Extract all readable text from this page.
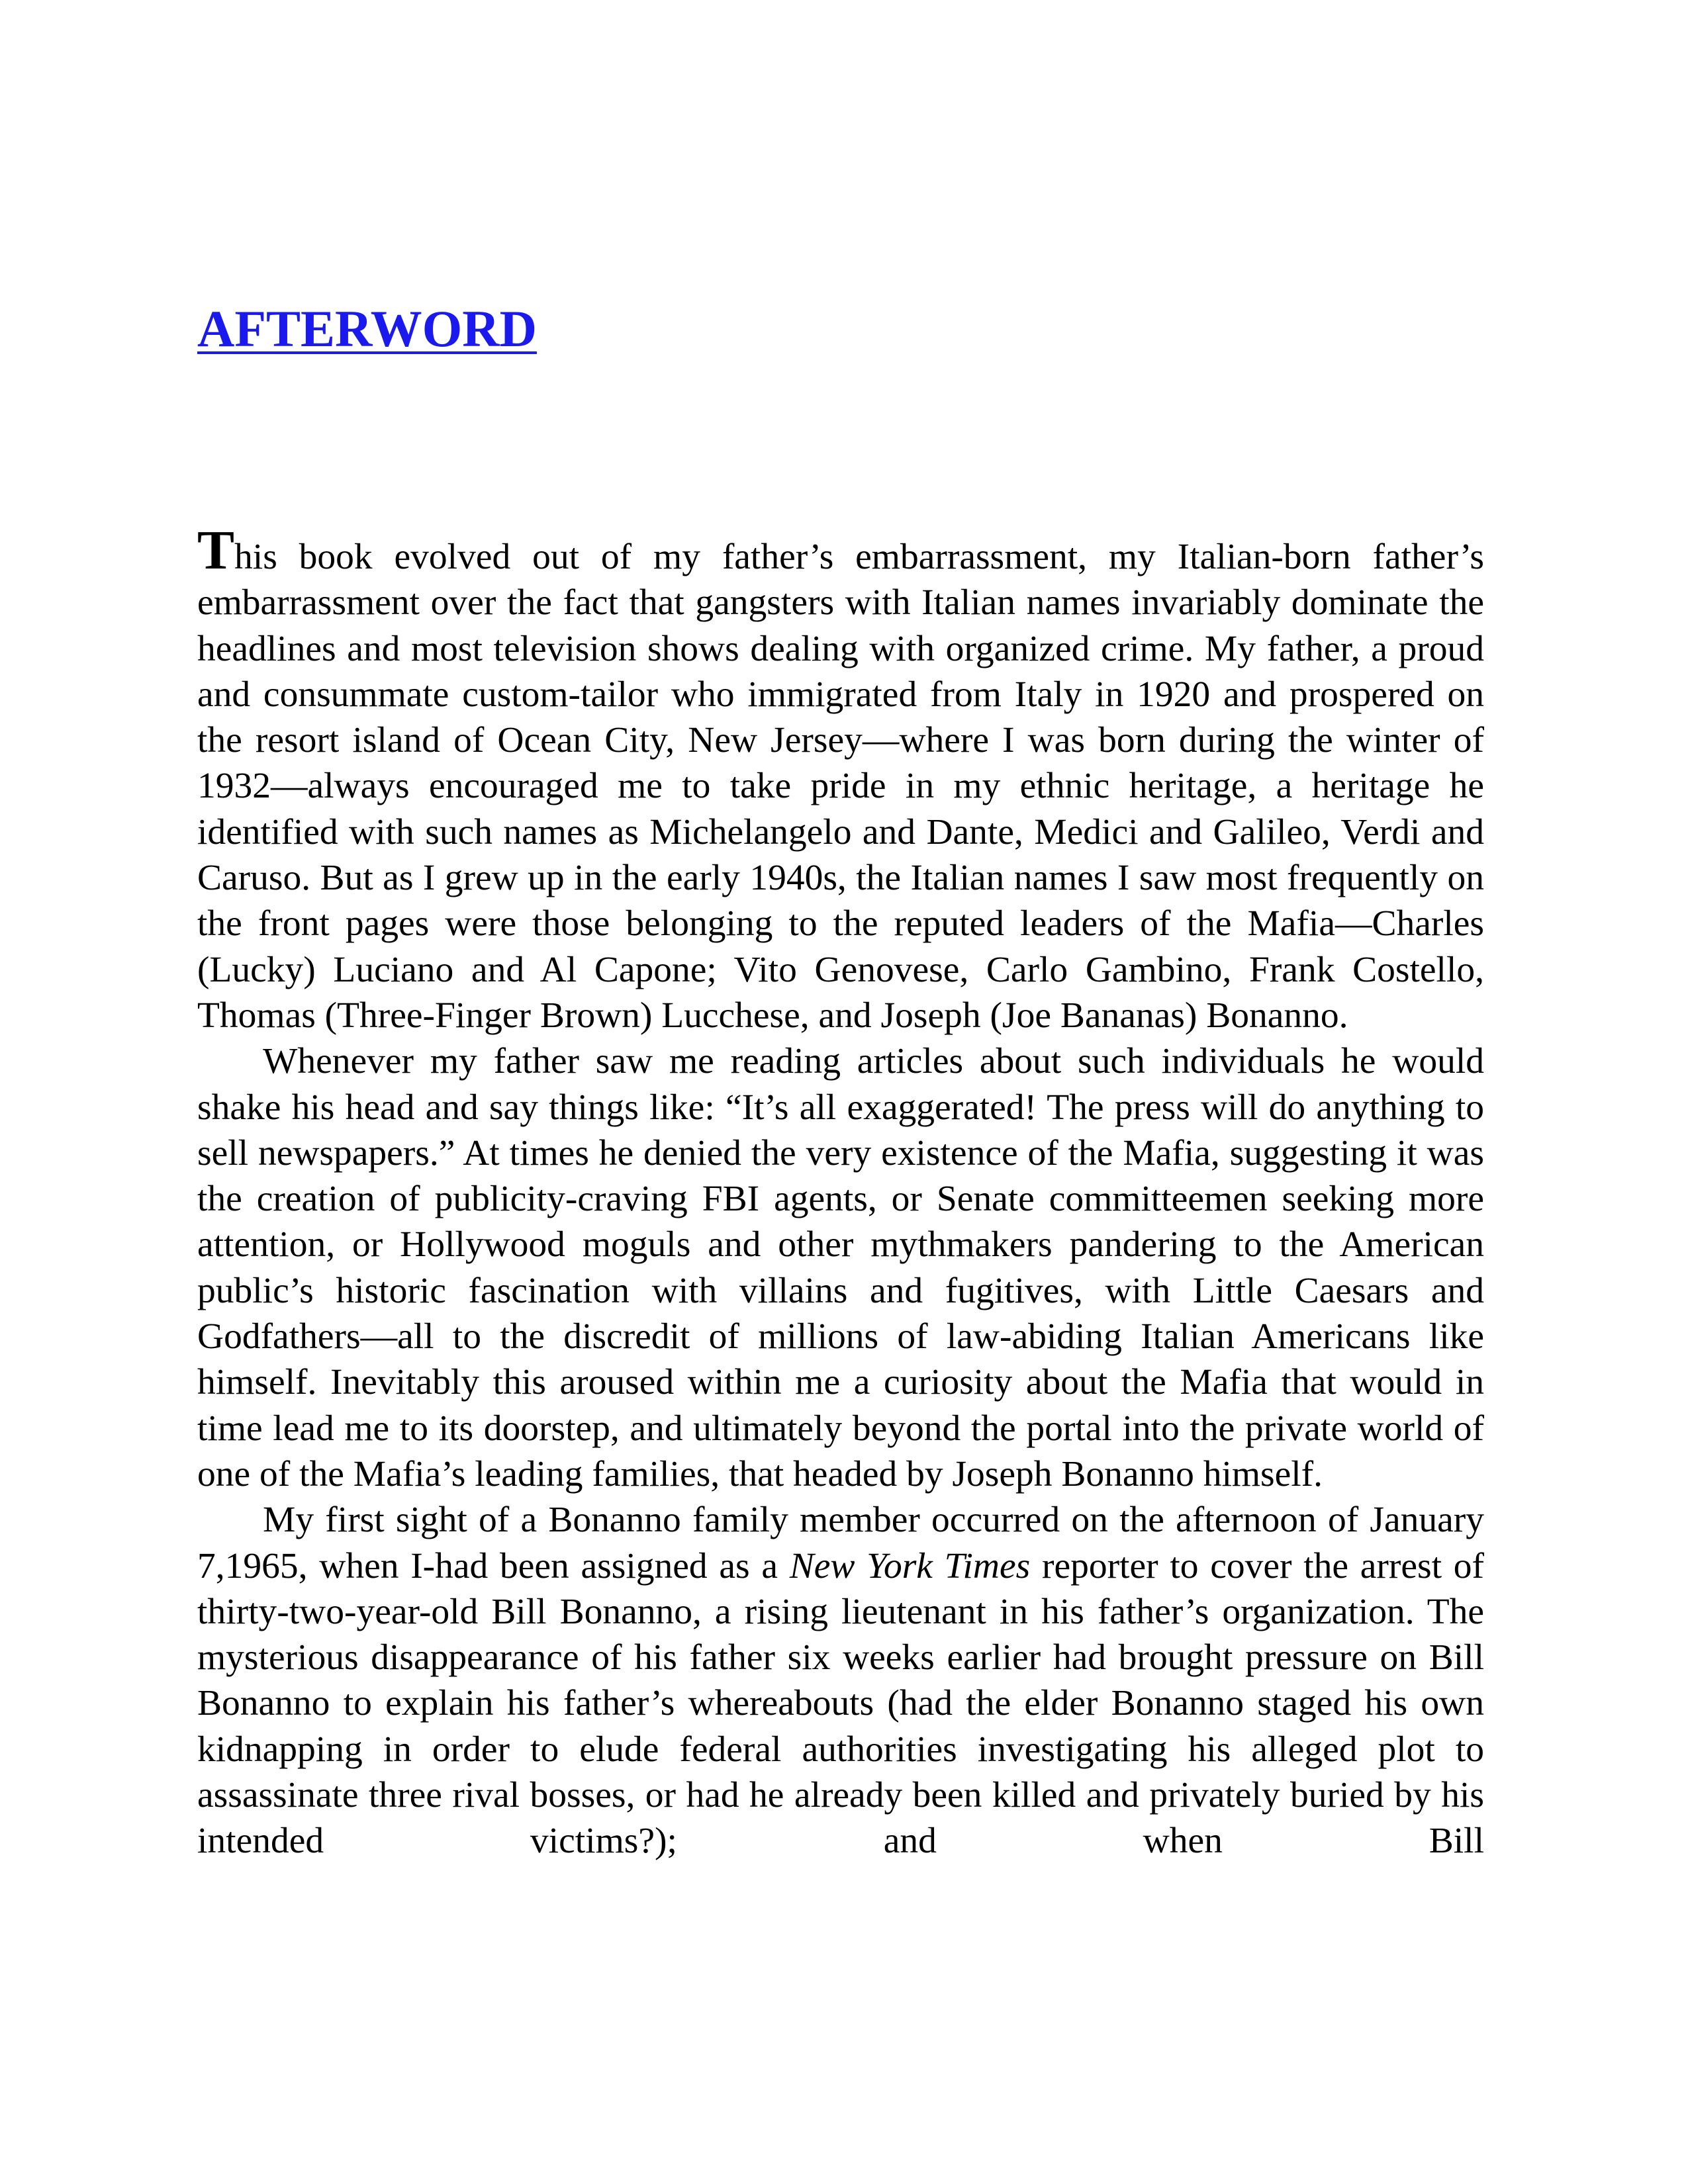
AFTERWORD

This book evolved out of my father’s embarrassment, my Italian-born father’s embarrassment over the fact that gangsters with Italian names invariably dominate the headlines and most television shows dealing with organized crime. My father, a proud and consummate custom-tailor who immigrated from Italy in 1920 and prospered on the resort island of Ocean City, New Jersey—where I was born during the winter of 1932—always encouraged me to take pride in my ethnic heritage, a heritage he identified with such names as Michelangelo and Dante, Medici and Galileo, Verdi and Caruso. But as I grew up in the early 1940s, the Italian names I saw most frequently on the front pages were those belonging to the reputed leaders of the Mafia—Charles (Lucky) Luciano and Al Capone; Vito Genovese, Carlo Gambino, Frank Costello, Thomas (Three-Finger Brown) Lucchese, and Joseph (Joe Bananas) Bonanno.

Whenever my father saw me reading articles about such individuals he would shake his head and say things like: “It’s all exaggerated! The press will do anything to sell newspapers.” At times he denied the very existence of the Mafia, suggesting it was the creation of publicity-craving FBI agents, or Senate committeemen seeking more attention, or Hollywood moguls and other mythmakers pandering to the American public’s historic fascination with villains and fugitives, with Little Caesars and Godfathers—all to the discredit of millions of law-abiding Italian Americans like himself. Inevitably this aroused within me a curiosity about the Mafia that would in time lead me to its doorstep, and ultimately beyond the portal into the private world of one of the Mafia’s leading families, that headed by Joseph Bonanno himself.

My first sight of a Bonanno family member occurred on the afternoon of January 7,1965, when I-had been assigned as a New York Times reporter to cover the arrest of thirty-two-year-old Bill Bonanno, a rising lieutenant in his father’s organization. The mysterious disappearance of his father six weeks earlier had brought pressure on Bill Bonanno to explain his father’s whereabouts (had the elder Bonanno staged his own kidnapping in order to elude federal authorities investigating his alleged plot to assassinate three rival bosses, or had he already been killed and privately buried by his intended victims?); and when Bill
